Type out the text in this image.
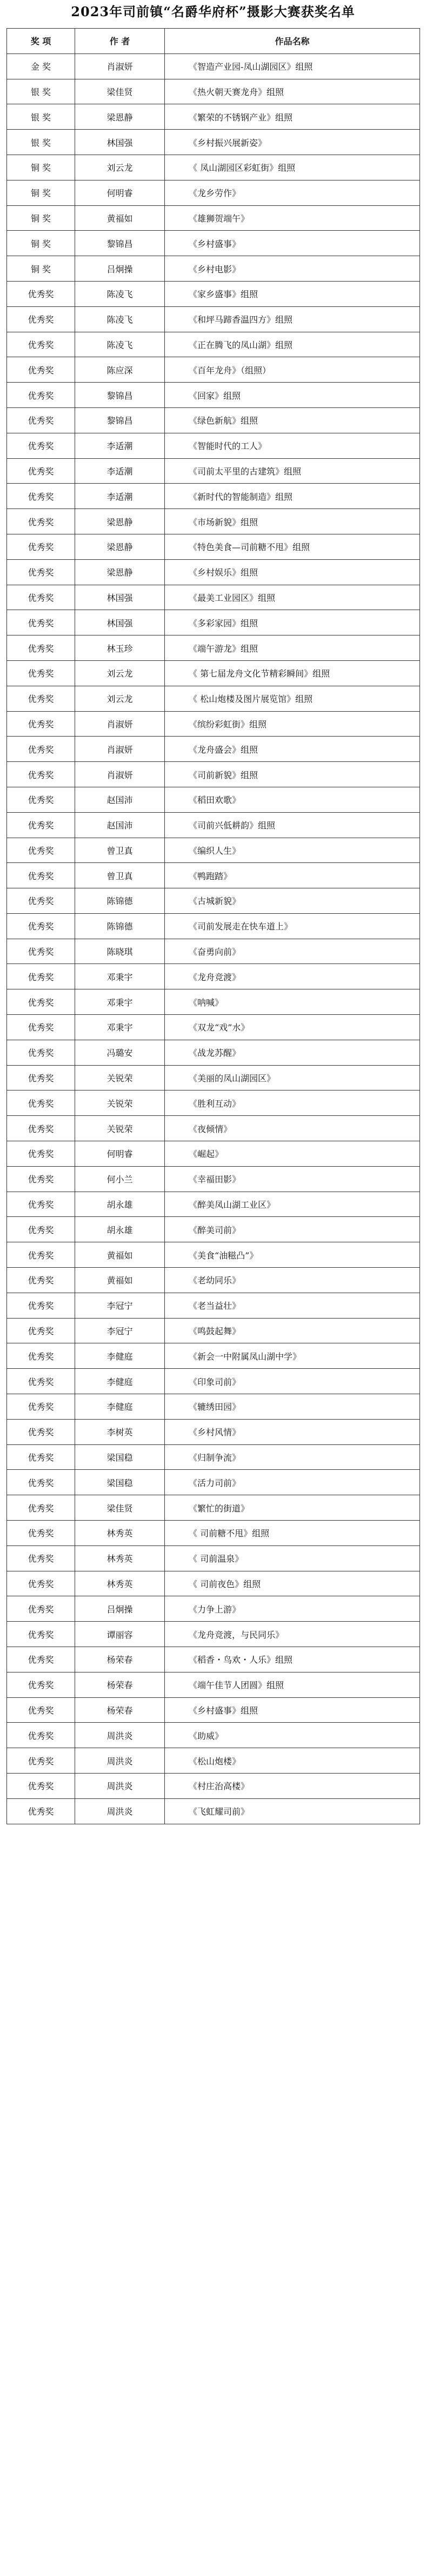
2023年司前镇“名爵华府杯”摄影大赛获奖名单
奖 项	作 者	作品名称
金 奖	肖淑妍	《智造产业园-凤山湖园区》组照
银 奖	梁佳贤	《热火朝天赛龙舟》组照
银 奖	梁恩静	《繁荣的不锈钢产业》组照
银 奖	林国强	《乡村振兴展新姿》
铜 奖	刘云龙	《 凤山湖园区彩虹街》组照
铜 奖	何明睿	《龙乡劳作》
铜 奖	黄福如	《雄狮贺端午》
铜 奖	黎锦昌	《乡村盛事》
铜 奖	吕炯操	《乡村电影》
优秀奖	陈凌飞	《家乡盛事》组照
优秀奖	陈凌飞	《和坪马蹄香温四方》组照
优秀奖	陈凌飞	《正在腾飞的凤山湖》组照
优秀奖	陈应深	《百年龙舟》（组照）
优秀奖	黎锦昌	《回家》组照
优秀奖	黎锦昌	《绿色新航》组照
优秀奖	李适潮	《智能时代的工人》
优秀奖	李适潮	《司前太平里的古建筑》组照
优秀奖	李适潮	《新时代的智能制造》组照
优秀奖	梁恩静	《市场新貌》组照
优秀奖	梁恩静	《特色美食—司前糖不甩》组照
优秀奖	梁恩静	《乡村娱乐》组照
优秀奖	林国强	《最美工业园区》组照
优秀奖	林国强	《多彩家园》组照
优秀奖	林玉珍	《端午游龙》组照
优秀奖	刘云龙	《 第七届龙舟文化节精彩瞬间》组照
优秀奖	刘云龙	《 松山炮楼及图片展览馆》组照
优秀奖	肖淑妍	《缤纷彩虹街》组照
优秀奖	肖淑妍	《龙舟盛会》组照
优秀奖	肖淑妍	《司前新貌》组照
优秀奖	赵国沛	《稻田欢歌》
优秀奖	赵国沛	《司前兴低耕韵》组照
优秀奖	曾卫真	《编织人生》
优秀奖	曾卫真	《鸭跑踏》
优秀奖	陈锦德	《古城新貌》
优秀奖	陈锦德	《司前发展走在快车道上》
优秀奖	陈晓琪	《奋勇向前》
优秀奖	邓秉宇	《龙舟竞渡》
优秀奖	邓秉宇	《呐喊》
优秀奖	邓秉宇	《双龙“戏”水》
优秀奖	冯璐安	《战龙苏醒》
优秀奖	关锐荣	《美丽的凤山湖园区》
优秀奖	关锐荣	《胜利互动》
优秀奖	关锐荣	《夜倾情》
优秀奖	何明睿	《崛起》
优秀奖	何小兰	《幸福田影》
优秀奖	胡永雄	《醉美凤山湖工业区》
优秀奖	胡永雄	《醉美司前》
优秀奖	黄福如	《美食“油糍凸”》
优秀奖	黄福如	《老幼同乐》
优秀奖	李冠宁	《老当益壮》
优秀奖	李冠宁	《鸣鼓起舞》
优秀奖	李健庭	《新会一中附属凤山湖中学》
优秀奖	李健庭	《印象司前》
优秀奖	李健庭	《辘绣田园》
优秀奖	李树英	《乡村风情》
优秀奖	梁国稳	《归制争流》
优秀奖	梁国稳	《活力司前》
优秀奖	梁佳贤	《繁忙的街道》
优秀奖	林秀英	《 司前糖不甩》组照
优秀奖	林秀英	《 司前温泉》
优秀奖	林秀英	《 司前夜色》组照
优秀奖	吕炯操	《力争上游》
优秀奖	谭丽容	《龙舟竞渡，与民同乐》
优秀奖	杨荣春	《稻香・鸟欢・人乐》组照
优秀奖	杨荣春	《端午佳节人团圆》组照
优秀奖	杨荣春	《乡村盛事》组照
优秀奖	周洪炎	《助威》
优秀奖	周洪炎	《松山炮楼》
优秀奖	周洪炎	《村庄治高楼》
优秀奖	周洪炎	《飞虹耀司前》
